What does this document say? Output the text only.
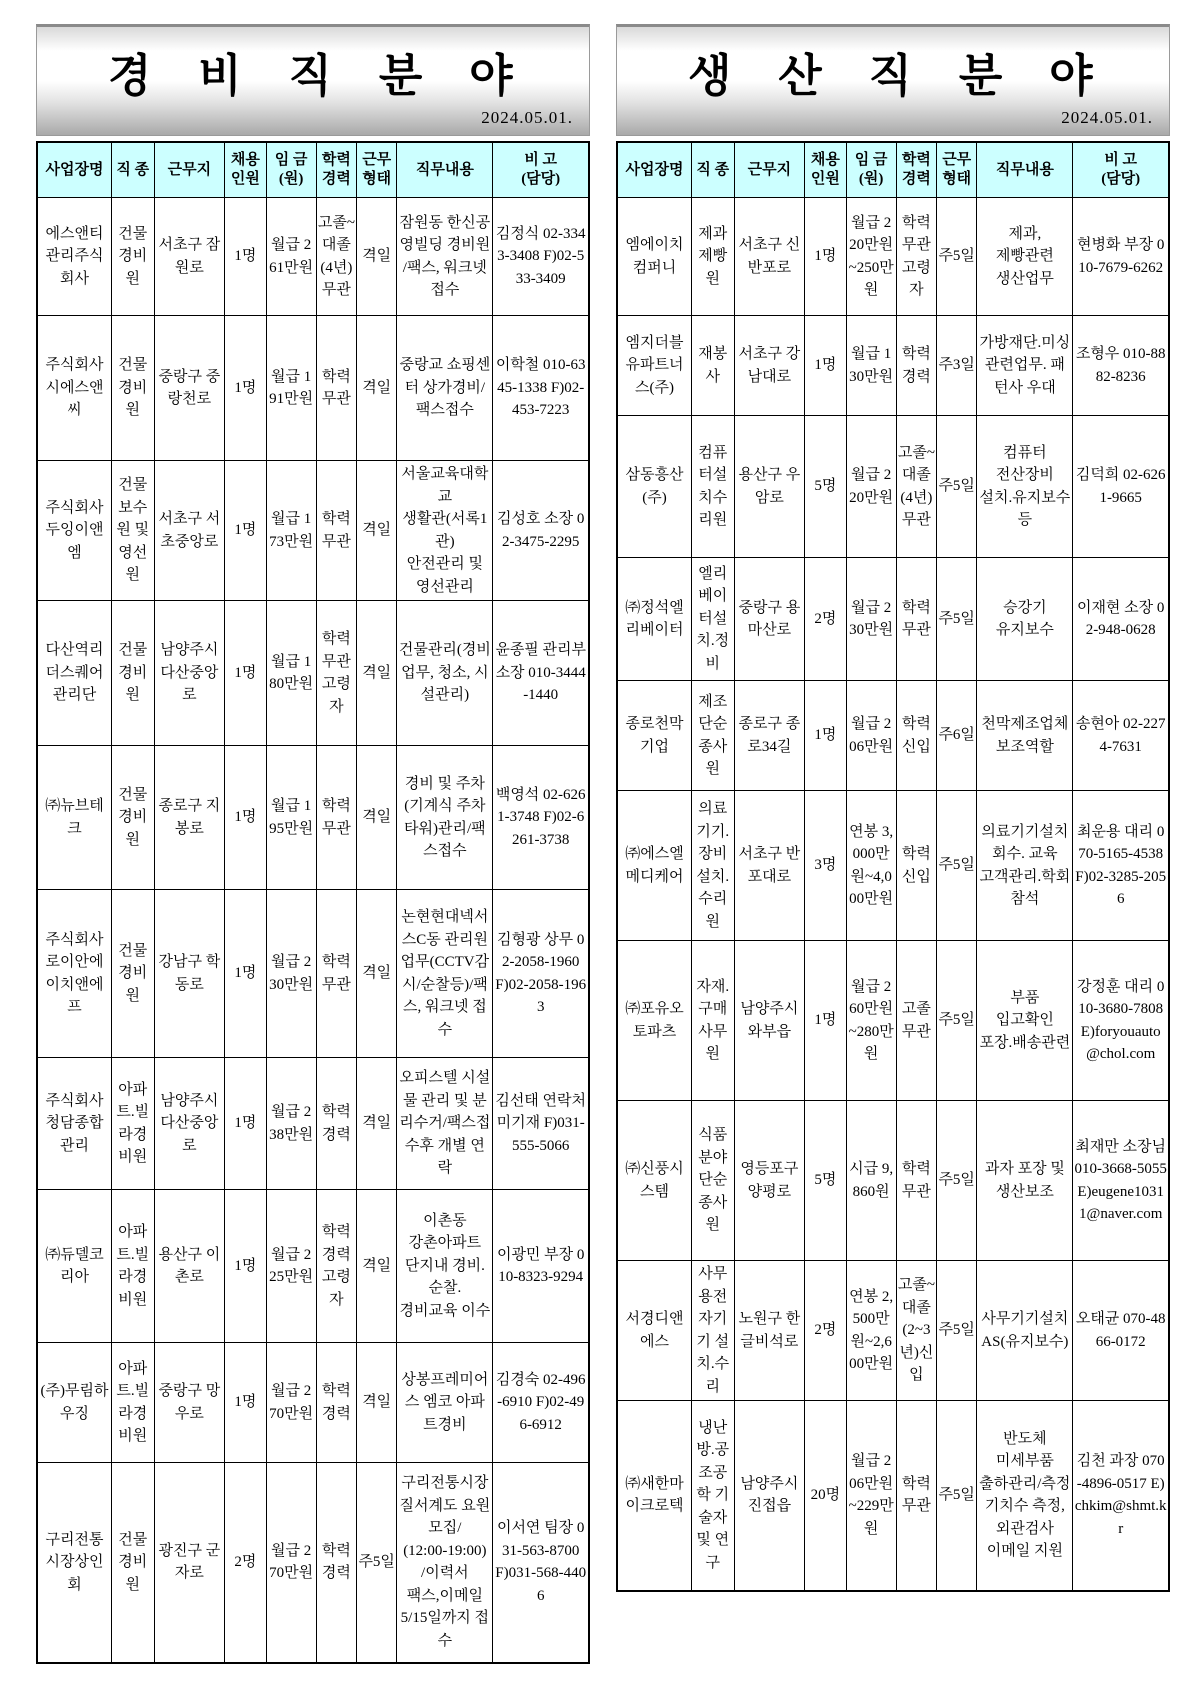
경 비 직 분 야
2024.05.01.
사업장명	직 종	근무지	채용
인원	임 금
(원)	학력
경력	근무
형태	직무내용	비 고
(담당)
에스앤티관리주식회사	건물경비원	서초구 잠원로	1명	월급 261만원	고졸~대졸(4년)무관	격일	잠원동 한신공영빌딩 경비원 /팩스, 워크넷접수	김정식 02-3343-3408 F)02-533-3409
주식회사시에스앤씨	건물경비원	중랑구 중랑천로	1명	월급 191만원	학력무관	격일	중랑교 쇼핑센터 상가경비/팩스접수	이학철 010-6345-1338 F)02-453-7223
주식회사두잉이앤엠	건물보수원 및 영선원	서초구 서초중앙로	1명	월급 173만원	학력무관	격일	서울교육대학교
생활관(서록1관)
안전관리 및 영선관리	김성호 소장 02-3475-2295
다산역리더스퀘어관리단	건물경비원	남양주시 다산중앙로	1명	월급 180만원	학력무관 고령자	격일	건물관리(경비업무, 청소, 시설관리)	윤종필 관리부소장 010-3444-1440
㈜뉴브테크	건물경비원	종로구 지봉로	1명	월급 195만원	학력무관	격일	경비 및 주차(기계식 주차타워)관리/팩스접수	백영석 02-6261-3748 F)02-6261-3738
주식회사로이안에이치앤에프	건물경비원	강남구 학동로	1명	월급 230만원	학력무관	격일	논현현대넥서스C동 관리원업무(CCTV감시/순찰등)/팩스, 워크넷 접수	김형광 상무 02-2058-1960 F)02-2058-1963
주식회사청담종합관리	아파트.빌라경비원	남양주시 다산중앙로	1명	월급 238만원	학력경력	격일	오피스텔 시설물 관리 및 분리수거/팩스접수후 개별 연락	김선태 연락처 미기재 F)031-555-5066
㈜듀델코리아	아파트.빌라경비원	용산구 이촌로	1명	월급 225만원	학력경력고령자	격일	이촌동
강촌아파트
단지내 경비. 순찰.
경비교육 이수	이광민 부장 010-8323-9294
(주)무림하우징	아파트.빌라경비원	중랑구 망우로	1명	월급 270만원	학력경력	격일	상봉프레미어스 엠코 아파트경비	김경숙 02-496-6910 F)02-496-6912
구리전통시장상인회	건물경비원	광진구 군자로	2명	월급 270만원	학력경력	주5일	구리전통시장
질서계도 요원 모집/
(12:00-19:00)
/이력서
팩스,이메일
5/15일까지 접수	이서연 팀장 031-563-8700 F)031-568-4406
생 산 직 분 야
2024.05.01.
사업장명	직 종	근무지	채용
인원	임 금
(원)	학력
경력	근무
형태	직무내용	비 고
(담당)
엠에이치컴퍼니	제과제빵원	서초구 신반포로	1명	월급 220만원~250만원	학력무관 고령자	주5일	제과,
제빵관련
생산업무	현병화 부장 010-7679-6262
엠지더블유파트너스(주)	재봉사	서초구 강남대로	1명	월급 130만원	학력경력	주3일	가방재단.미싱관련업무. 패턴사 우대	조형우 010-8882-8236
삼동흥산(주)	컴퓨터설치수리원	용산구 우암로	5명	월급 220만원	고졸~대졸(4년)무관	주5일	컴퓨터
전산장비
설치.유지보수등	김덕희 02-6261-9665
㈜정석엘리베이터	엘리베이터설치.정비	중랑구 용마산로	2명	월급 230만원	학력무관	주5일	승강기
유지보수	이재현 소장 02-948-0628
종로천막기업	제조단순종사원	종로구 종로34길	1명	월급 206만원	학력신입	주6일	천막제조업체
보조역할	송현아 02-2274-7631
㈜에스엘메디케어	의료기기.장비설치.수리원	서초구 반포대로	3명	연봉 3,000만원~4,000만원	학력신입	주5일	의료기기설치
회수. 교육
고객관리.학회참석	최운용 대리 070-5165-4538 F)02-3285-2056
㈜포유오토파츠	자재.구매사무원	남양주시 와부읍	1명	월급 260만원~280만원	고졸무관	주5일	부품
입고확인
포장.배송관련	강정훈 대리 010-3680-7808 E)foryouauto@chol.com
㈜신풍시스템	식품분야단순종사원	영등포구 양평로	5명	시급 9,860원	학력무관	주5일	과자 포장 및 생산보조	최재만 소장님 010-3668-5055 E)eugene10311@naver.com
서경디앤에스	사무용전자기기 설치.수리	노원구 한글비석로	2명	연봉 2,500만원~2,600만원	고졸~대졸(2~3년)신입	주5일	사무기기설치
AS(유지보수)	오태균 070-4866-0172
㈜새한마이크로텍	냉난방.공조공학 기술자 및 연구	남양주시 진접읍	20명	월급 206만원~229만원	학력무관	주5일	반도체
미세부품
출하관리/측정기치수 측정,외관검사
이메일 지원	김천 과장 070-4896-0517 E)chkim@shmt.kr
